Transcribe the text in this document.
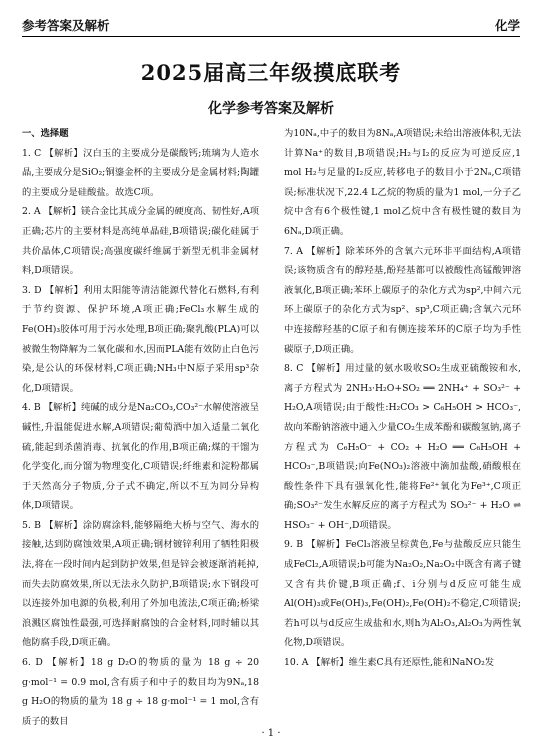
参考答案及解析	化学
2025届高三年级摸底联考
化学参考答案及解析

一、选择题

1. C 【解析】汉白玉的主要成分是碳酸钙;琉璃为人造水晶,主要成分是SiO₂;铜鎏金杯的主要成分是金属材料;陶罐的主要成分是硅酸盐。故选C项。

2. A 【解析】镁合金比其成分金属的硬度高、韧性好,A项正确;芯片的主要材料是高纯单晶硅,B项错误;碳化硅属于共价晶体,C项错误;高强度碳纤维属于新型无机非金属材料,D项错误。

3. D 【解析】利用太阳能等清洁能源代替化石燃料,有利于节约资源、保护环境,A项正确;FeCl₃水解生成的Fe(OH)₃胶体可用于污水处理,B项正确;聚乳酸(PLA)可以被微生物降解为二氧化碳和水,因而PLA能有效防止白色污染,是公认的环保材料,C项正确;NH₃中N原子采用sp³杂化,D项错误。

4. B 【解析】纯碱的成分是Na₂CO₃,CO₃²⁻水解使溶液呈碱性,升温能促进水解,A项错误;葡萄酒中加入适量二氧化硫,能起到杀菌消毒、抗氧化的作用,B项正确;煤的干馏为化学变化,而分馏为物理变化,C项错误;纤维素和淀粉都属于天然高分子物质,分子式不确定,所以不互为同分异构体,D项错误。

5. B 【解析】涂防腐涂料,能够隔绝大桥与空气、海水的接触,达到防腐蚀效果,A项正确;钢材镀锌利用了牺牲阳极法,将在一段时间内起到防护效果,但是锌会被逐渐消耗掉,而失去防腐效果,所以无法永久防护,B项错误;水下钢段可以连接外加电源的负极,利用了外加电流法,C项正确;桥梁浪溅区腐蚀性最强,可选择耐腐蚀的合金材料,同时辅以其他防腐手段,D项正确。

6. D 【解析】18 g D₂O的物质的量为 18 g ÷ 20 g·mol⁻¹ = 0.9 mol,含有质子和中子的数目均为9Nₐ,18 g H₂O的物质的量为 18 g ÷ 18 g·mol⁻¹ = 1 mol,含有质子的数目

为10Nₐ,中子的数目为8Nₐ,A项错误;未给出溶液体积,无法计算Na⁺的数目,B项错误;H₂与I₂的反应为可逆反应,1 mol H₂与足量的I₂反应,转移电子的数目小于2Nₐ,C项错误;标准状况下,22.4 L乙烷的物质的量为1 mol,一分子乙烷中含有6个极性键,1 mol乙烷中含有极性键的数目为6Nₐ,D项正确。

7. A 【解析】除苯环外的含氧六元环非平面结构,A项错误;该物质含有的醇羟基,酚羟基都可以被酸性高锰酸钾溶液氧化,B项正确;苯环上碳原子的杂化方式为sp²,中间六元环上碳原子的杂化方式为sp²、sp³,C项正确;含氧六元环中连接醇羟基的C原子和有侧连接苯环的C原子均为手性碳原子,D项正确。

8. C 【解析】用过量的氨水吸收SO₂生成亚硫酸铵和水,离子方程式为 2NH₃·H₂O+SO₂ ══ 2NH₄⁺ + SO₃²⁻ + H₂O,A项错误;由于酸性:H₂CO₃ > C₆H₅OH > HCO₃⁻,故向苯酚钠溶液中通入少量CO₂生成苯酚和碳酸氢钠,离子方程式为 C₆H₅O⁻ + CO₂ + H₂O ══ C₆H₅OH + HCO₃⁻,B项错误;向Fe(NO₃)₂溶液中滴加盐酸,硝酸根在酸性条件下具有强氧化性,能将Fe²⁺氧化为Fe³⁺,C项正确;SO₃²⁻发生水解反应的离子方程式为 SO₃²⁻ + H₂O ⇌ HSO₃⁻ + OH⁻,D项错误。

9. B 【解析】FeCl₃溶液呈棕黄色,Fe与盐酸反应只能生成FeCl₂,A项错误;b可能为Na₂O₂,Na₂O₂中既含有离子键又含有共价键,B项正确;f、i分别与d反应可能生成Al(OH)₃或Fe(OH)₃,Fe(OH)₂,Fe(OH)₂不稳定,C项错误;若h可以与d反应生成盐和水,则h为Al₂O₃,Al₂O₃为两性氧化物,D项错误。

10. A 【解析】维生素C具有还原性,能和NaNO₂发

· 1 ·
